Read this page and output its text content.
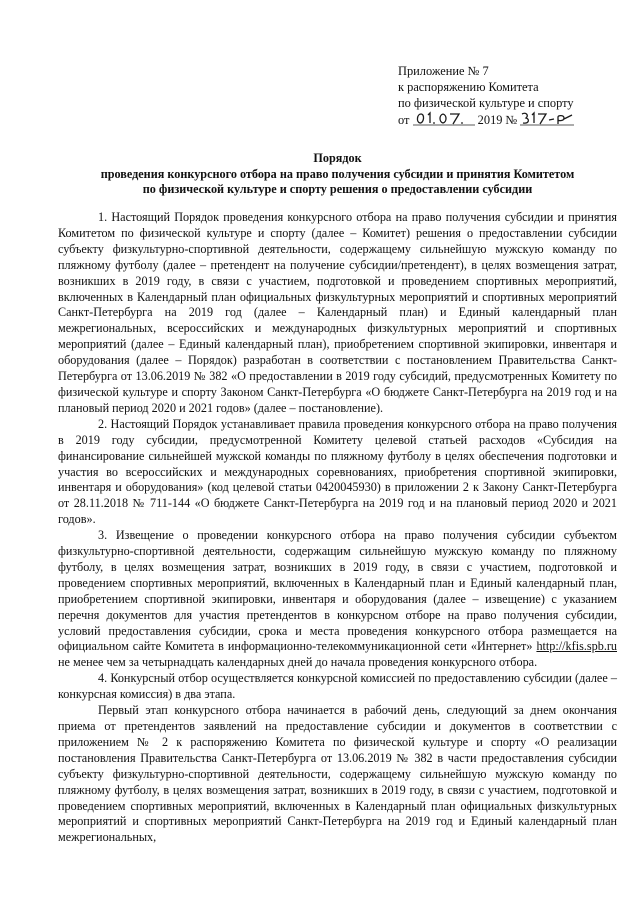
Приложение № 7
к распоряжению Комитета
по физической культуре и спорту
от	2019 №
Порядок
проведения конкурсного отбора на право получения субсидии и принятия Комитетом
по физической культуре и спорту решения о предоставлении субсидии

1. Настоящий Порядок проведения конкурсного отбора на право получения субсидии и принятия Комитетом по физической культуре и спорту (далее – Комитет) решения о предоставлении субсидии субъекту физкультурно-спортивной деятельности, содержащему сильнейшую мужскую команду по пляжному футболу (далее – претендент на получение субсидии/претендент), в целях возмещения затрат, возникших в 2019 году, в связи с участием, подготовкой и проведением спортивных мероприятий, включенных в Календарный план официальных физкультурных мероприятий и спортивных мероприятий Санкт-Петербурга на 2019 год (далее – Календарный план) и Единый календарный план межрегиональных, всероссийских и международных физкультурных мероприятий и спортивных мероприятий (далее – Единый календарный план), приобретением спортивной экипировки, инвентаря и оборудования (далее – Порядок) разработан в соответствии с постановлением Правительства Санкт-Петербурга от 13.06.2019 № 382 «О предоставлении в 2019 году субсидий, предусмотренных Комитету по физической культуре и спорту Законом Санкт-Петербурга «О бюджете Санкт-Петербурга на 2019 год и на плановый период 2020 и 2021 годов» (далее – постановление).

2. Настоящий Порядок устанавливает правила проведения конкурсного отбора на право получения в 2019 году субсидии, предусмотренной Комитету целевой статьей расходов «Субсидия на финансирование сильнейшей мужской команды по пляжному футболу в целях обеспечения подготовки и участия во всероссийских и международных соревнованиях, приобретения спортивной экипировки, инвентаря и оборудования» (код целевой статьи 0420045930) в приложении 2 к Закону Санкт-Петербурга от 28.11.2018 № 711-144 «О бюджете Санкт-Петербурга на 2019 год и на плановый период 2020 и 2021 годов».

3. Извещение о проведении конкурсного отбора на право получения субсидии субъектом физкультурно-спортивной деятельности, содержащим сильнейшую мужскую команду по пляжному футболу, в целях возмещения затрат, возникших в 2019 году, в связи с участием, подготовкой и проведением спортивных мероприятий, включенных в Календарный план и Единый календарный план, приобретением спортивной экипировки, инвентаря и оборудования (далее – извещение) с указанием перечня документов для участия претендентов в конкурсном отборе на право получения субсидии, условий предоставления субсидии, срока и места проведения конкурсного отбора размещается на официальном сайте Комитета в информационно-телекоммуникационной сети «Интернет» http://kfis.spb.ru не менее чем за четырнадцать календарных дней до начала проведения конкурсного отбора.

4. Конкурсный отбор осуществляется конкурсной комиссией по предоставлению субсидии (далее – конкурсная комиссия) в два этапа.

Первый этап конкурсного отбора начинается в рабочий день, следующий за днем окончания приема от претендентов заявлений на предоставление субсидии и документов в соответствии с приложением № 2 к распоряжению Комитета по физической культуре и спорту «О реализации постановления Правительства Санкт-Петербурга от 13.06.2019 № 382 в части предоставления субсидии субъекту физкультурно-спортивной деятельности, содержащему сильнейшую мужскую команду по пляжному футболу, в целях возмещения затрат, возникших в 2019 году, в связи с участием, подготовкой и проведением спортивных мероприятий, включенных в Календарный план официальных физкультурных мероприятий и спортивных мероприятий Санкт-Петербурга на 2019 год и Единый календарный план межрегиональных,
